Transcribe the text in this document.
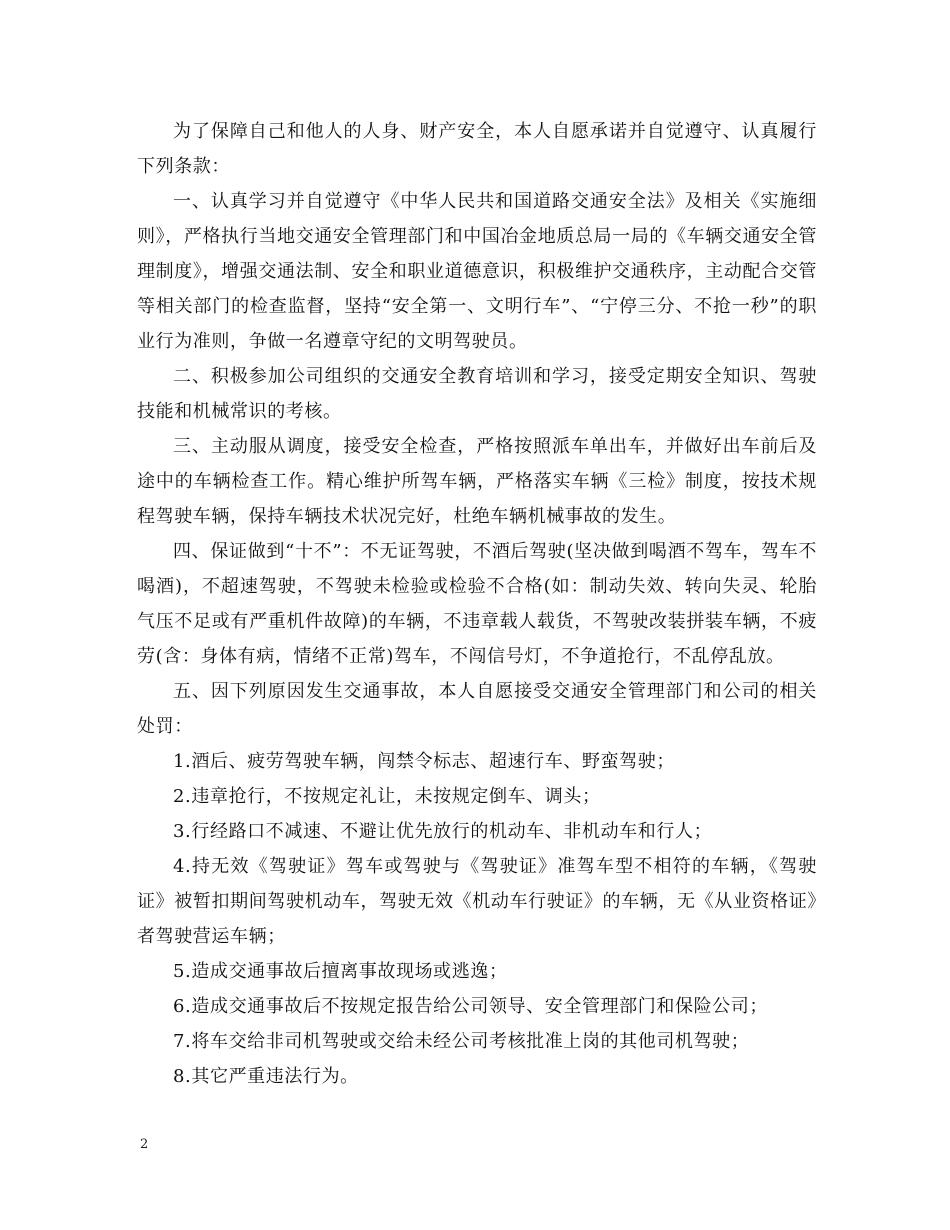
为了保障自己和他人的人身、财产安全，本人自愿承诺并自觉遵守、认真履行下列条款：

一、认真学习并自觉遵守《中华人民共和国道路交通安全法》及相关《实施细则》，严格执行当地交通安全管理部门和中国冶金地质总局一局的《车辆交通安全管理制度》，增强交通法制、安全和职业道德意识，积极维护交通秩序，主动配合交管等相关部门的检查监督，坚持“安全第一、文明行车”、“宁停三分、不抢一秒”的职业行为准则，争做一名遵章守纪的文明驾驶员。

二、积极参加公司组织的交通安全教育培训和学习，接受定期安全知识、驾驶技能和机械常识的考核。

三、主动服从调度，接受安全检查，严格按照派车单出车，并做好出车前后及途中的车辆检查工作。精心维护所驾车辆，严格落实车辆《三检》制度，按技术规程驾驶车辆，保持车辆技术状况完好，杜绝车辆机械事故的发生。

四、保证做到“十不”：不无证驾驶，不酒后驾驶(坚决做到喝酒不驾车，驾车不喝酒)，不超速驾驶，不驾驶未检验或检验不合格(如：制动失效、转向失灵、轮胎气压不足或有严重机件故障)的车辆，不违章载人载货，不驾驶改装拼装车辆，不疲劳(含：身体有病，情绪不正常)驾车，不闯信号灯，不争道抢行，不乱停乱放。

五、因下列原因发生交通事故，本人自愿接受交通安全管理部门和公司的相关处罚：

1.酒后、疲劳驾驶车辆，闯禁令标志、超速行车、野蛮驾驶；

2.违章抢行，不按规定礼让，未按规定倒车、调头；

3.行经路口不减速、不避让优先放行的机动车、非机动车和行人；

4.持无效《驾驶证》驾车或驾驶与《驾驶证》准驾车型不相符的车辆，《驾驶证》被暂扣期间驾驶机动车，驾驶无效《机动车行驶证》的车辆，无《从业资格证》者驾驶营运车辆；

5.造成交通事故后擅离事故现场或逃逸；

6.造成交通事故后不按规定报告给公司领导、安全管理部门和保险公司；

7.将车交给非司机驾驶或交给未经公司考核批准上岗的其他司机驾驶；

8.其它严重违法行为。

2
